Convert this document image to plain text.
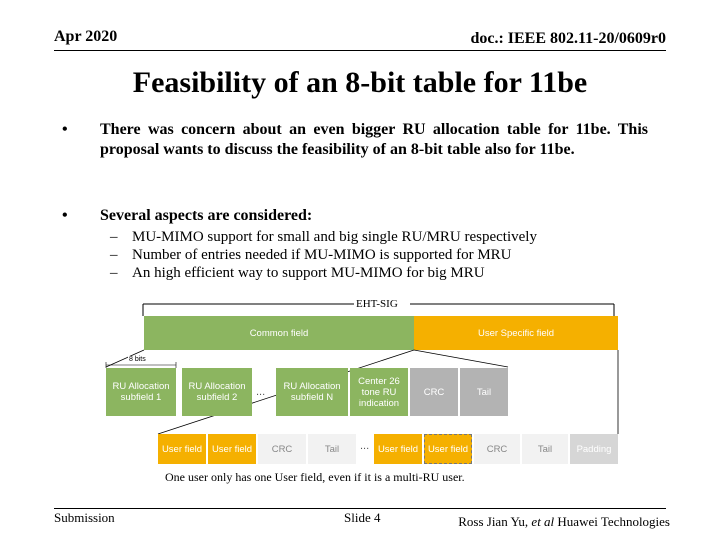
Apr 2020	doc.: IEEE 802.11-20/0609r0
Feasibility of an 8-bit table for 11be
• There was concern about an even bigger RU allocation table for 11be. This proposal wants to discuss the feasibility of an 8-bit table also for 11be.
• Several aspects are considered:
– MU-MIMO support for small and big single RU/MRU respectively
– Number of entries needed if MU-MIMO is supported for MRU
– An high efficient way to support MU-MIMO for big MRU
EHT-SIG
Common field	User Specific field
8 bits
RU Allocation subfield 1
RU Allocation subfield 2	...	RU Allocation subfield N
Center 26 tone RU indication
CRC	Tail
User field	User field	CRC	Tail	... User field	User field	CRC	Tail	Padding
One user only has one User field, even if it is a multi-RU user.
Submission	Slide 4	Ross Jian Yu, et al Huawei Technologies
